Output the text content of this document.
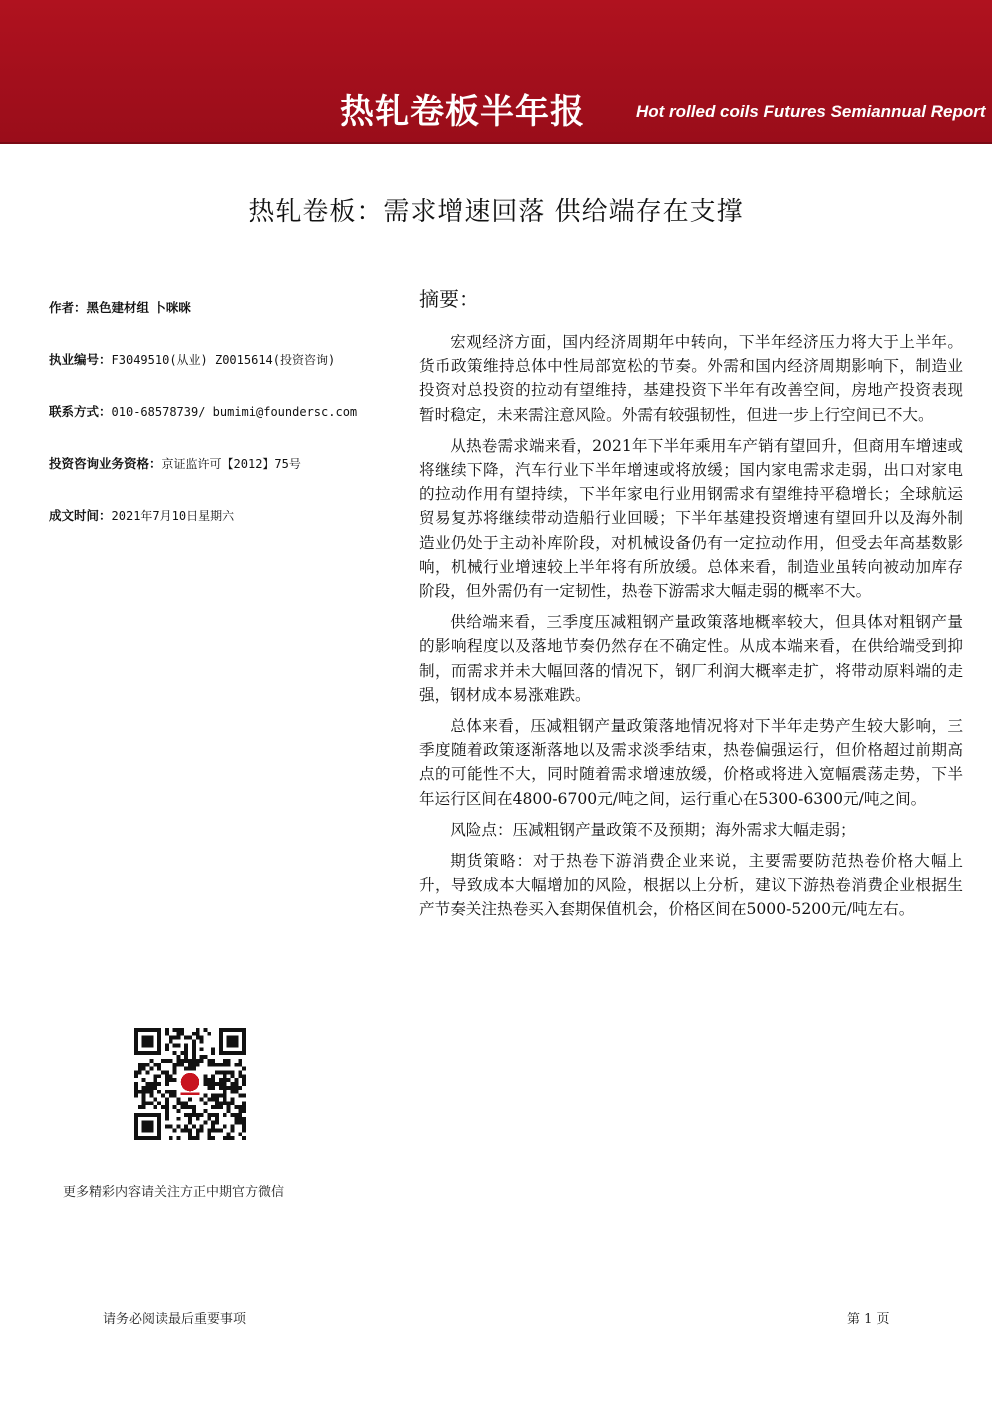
热轧卷板半年报	Hot rolled coils Futures Semiannual Report
热轧卷板：需求增速回落 供给端存在支撑
作者：黑色建材组 卜咪咪
执业编号：F3049510(从业) Z0015614(投资咨询)
联系方式：010-68578739/ bumimi@foundersc.com
投资咨询业务资格：京证监许可【2012】75号
成文时间：2021年7月10日星期六
摘要：

宏观经济方面，国内经济周期年中转向，下半年经济压力将大于上半年。货币政策维持总体中性局部宽松的节奏。外需和国内经济周期影响下，制造业投资对总投资的拉动有望维持，基建投资下半年有改善空间，房地产投资表现暂时稳定，未来需注意风险。外需有较强韧性，但进一步上行空间已不大。

从热卷需求端来看，2021年下半年乘用车产销有望回升，但商用车增速或将继续下降，汽车行业下半年增速或将放缓；国内家电需求走弱，出口对家电的拉动作用有望持续，下半年家电行业用钢需求有望维持平稳增长；全球航运贸易复苏将继续带动造船行业回暖；下半年基建投资增速有望回升以及海外制造业仍处于主动补库阶段，对机械设备仍有一定拉动作用，但受去年高基数影响，机械行业增速较上半年将有所放缓。总体来看，制造业虽转向被动加库存阶段，但外需仍有一定韧性，热卷下游需求大幅走弱的概率不大。

供给端来看，三季度压减粗钢产量政策落地概率较大，但具体对粗钢产量的影响程度以及落地节奏仍然存在不确定性。从成本端来看，在供给端受到抑制，而需求并未大幅回落的情况下，钢厂利润大概率走扩，将带动原料端的走强，钢材成本易涨难跌。

总体来看，压减粗钢产量政策落地情况将对下半年走势产生较大影响，三季度随着政策逐渐落地以及需求淡季结束，热卷偏强运行，但价格超过前期高点的可能性不大，同时随着需求增速放缓，价格或将进入宽幅震荡走势，下半年运行区间在4800-6700元/吨之间，运行重心在5300-6300元/吨之间。

风险点：压减粗钢产量政策不及预期；海外需求大幅走弱；

期货策略：对于热卷下游消费企业来说，主要需要防范热卷价格大幅上升，导致成本大幅增加的风险，根据以上分析，建议下游热卷消费企业根据生产节奏关注热卷买入套期保值机会，价格区间在5000-5200元/吨左右。

更多精彩内容请关注方正中期官方微信
请务必阅读最后重要事项	第 1 页
